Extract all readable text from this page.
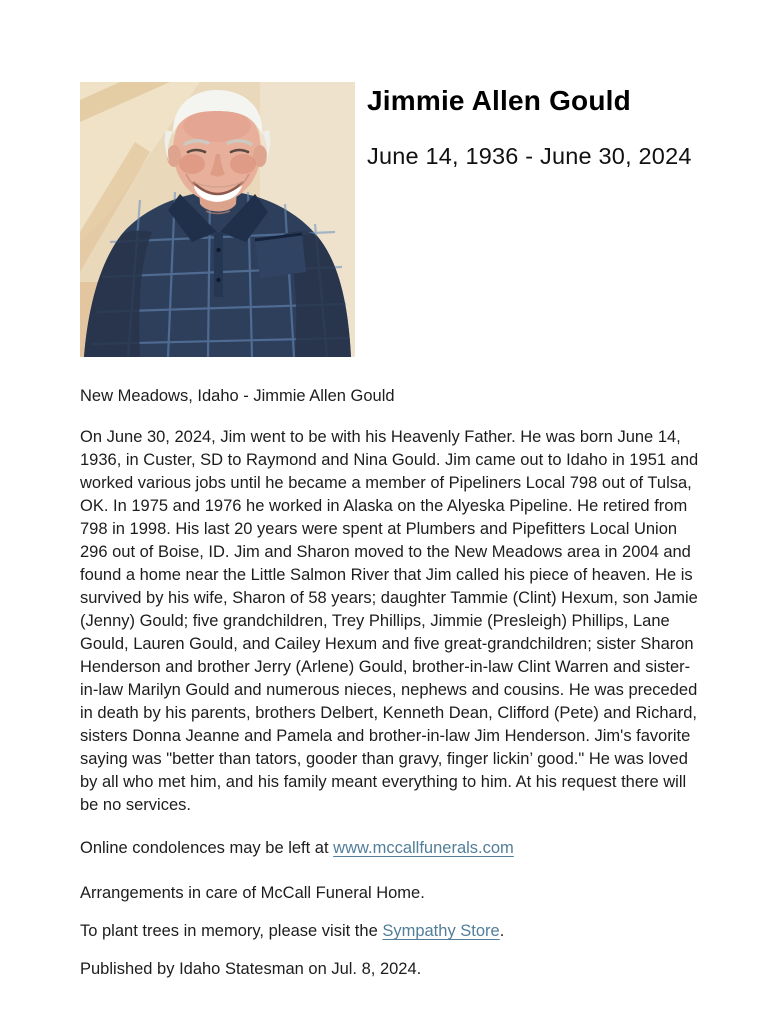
Jimmie Allen Gould
June 14, 1936 - June 30, 2024

New Meadows, Idaho - Jimmie Allen Gould

On June 30, 2024, Jim went to be with his Heavenly Father. He was born June 14, 1936, in Custer, SD to Raymond and Nina Gould. Jim came out to Idaho in 1951 and worked various jobs until he became a member of Pipeliners Local 798 out of Tulsa, OK. In 1975 and 1976 he worked in Alaska on the Alyeska Pipeline. He retired from 798 in 1998. His last 20 years were spent at Plumbers and Pipefitters Local Union 296 out of Boise, ID. Jim and Sharon moved to the New Meadows area in 2004 and found a home near the Little Salmon River that Jim called his piece of heaven. He is survived by his wife, Sharon of 58 years; daughter Tammie (Clint) Hexum, son Jamie (Jenny) Gould; five grandchildren, Trey Phillips, Jimmie (Presleigh) Phillips, Lane Gould, Lauren Gould, and Cailey Hexum and five great-grandchildren; sister Sharon Henderson and brother Jerry (Arlene) Gould, brother-in-law Clint Warren and sister-in-law Marilyn Gould and numerous nieces, nephews and cousins. He was preceded in death by his parents, brothers Delbert, Kenneth Dean, Clifford (Pete) and Richard, sisters Donna Jeanne and Pamela and brother-in-law Jim Henderson. Jim's favorite saying was "better than tators, gooder than gravy, finger lickin’ good." He was loved by all who met him, and his family meant everything to him. At his request there will be no services.

Online condolences may be left at www.mccallfunerals.com

Arrangements in care of McCall Funeral Home.

To plant trees in memory, please visit the Sympathy Store.

Published by Idaho Statesman on Jul. 8, 2024.
